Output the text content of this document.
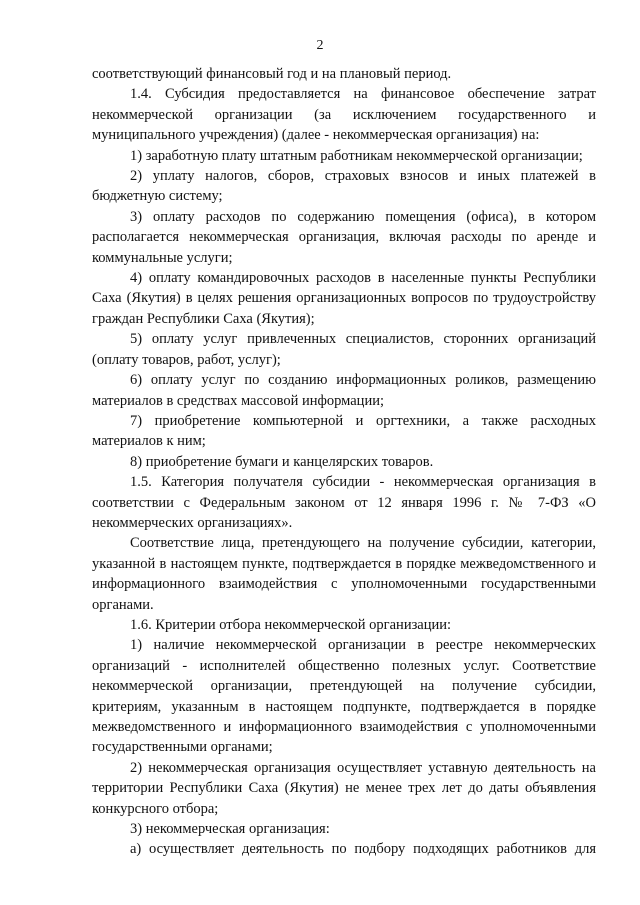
2

соответствующий финансовый год и на плановый период.

1.4. Субсидия предоставляется на финансовое обеспечение затрат некоммерческой организации (за исключением государственного и муниципального учреждения) (далее - некоммерческая организация) на:

1) заработную плату штатным работникам некоммерческой организации;

2) уплату налогов, сборов, страховых взносов и иных платежей в бюджетную систему;

3) оплату расходов по содержанию помещения (офиса), в котором располагается некоммерческая организация, включая расходы по аренде и коммунальные услуги;

4) оплату командировочных расходов в населенные пункты Республики Саха (Якутия) в целях решения организационных вопросов по трудоустройству граждан Республики Саха (Якутия);

5) оплату услуг привлеченных специалистов, сторонних организаций (оплату товаров, работ, услуг);

6) оплату услуг по созданию информационных роликов, размещению материалов в средствах массовой информации;

7) приобретение компьютерной и оргтехники, а также расходных материалов к ним;

8) приобретение бумаги и канцелярских товаров.

1.5. Категория получателя субсидии - некоммерческая организация в соответствии с Федеральным законом от 12 января 1996 г. № 7-ФЗ «О некоммерческих организациях».

Соответствие лица, претендующего на получение субсидии, категории, указанной в настоящем пункте, подтверждается в порядке межведомственного и информационного взаимодействия с уполномоченными государственными органами.

1.6. Критерии отбора некоммерческой организации:

1) наличие некоммерческой организации в реестре некоммерческих организаций - исполнителей общественно полезных услуг. Соответствие некоммерческой организации, претендующей на получение субсидии, критериям, указанным в настоящем подпункте, подтверждается в порядке межведомственного и информационного взаимодействия с уполномоченными государственными органами;

2) некоммерческая организация осуществляет уставную деятельность на территории Республики Саха (Якутия) не менее трех лет до даты объявления конкурсного отбора;

3) некоммерческая организация:

а) осуществляет деятельность по подбору подходящих работников для
